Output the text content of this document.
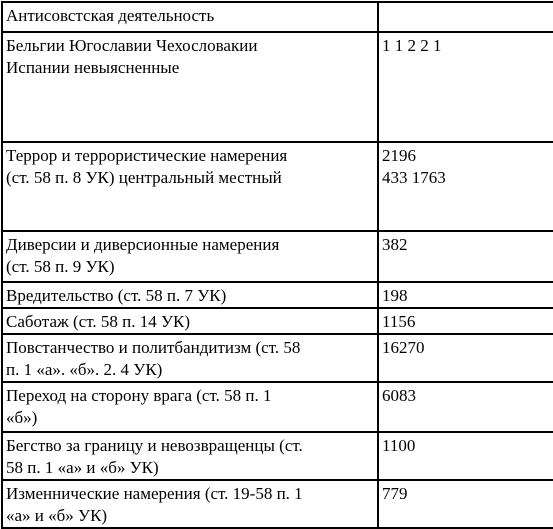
Антисовстская деятельность	

Бельгии Югославии Чехословакии
Испании невыясненные	1 1 2 2 1

Террор и террористические намерения
(ст. 58 п. 8 УК) центральный местный	2196
433 1763

Диверсии и диверсионные намерения
(ст. 58 п. 9 УК)	382

Вредительство (ст. 58 п. 7 УК)	198

Саботаж (ст. 58 п. 14 УК)	1156

Повстанчество и политбандитизм (ст. 58
п. 1 «а». «б». 2. 4 УК)	16270

Переход на сторону врага (ст. 58 п. 1
«б»)	6083

Бегство за границу и невозвращенцы (ст.
58 п. 1 «а» и «б» УК)	1100

Изменнические намерения (ст. 19-58 п. 1
«а» и «б» УК)	779
